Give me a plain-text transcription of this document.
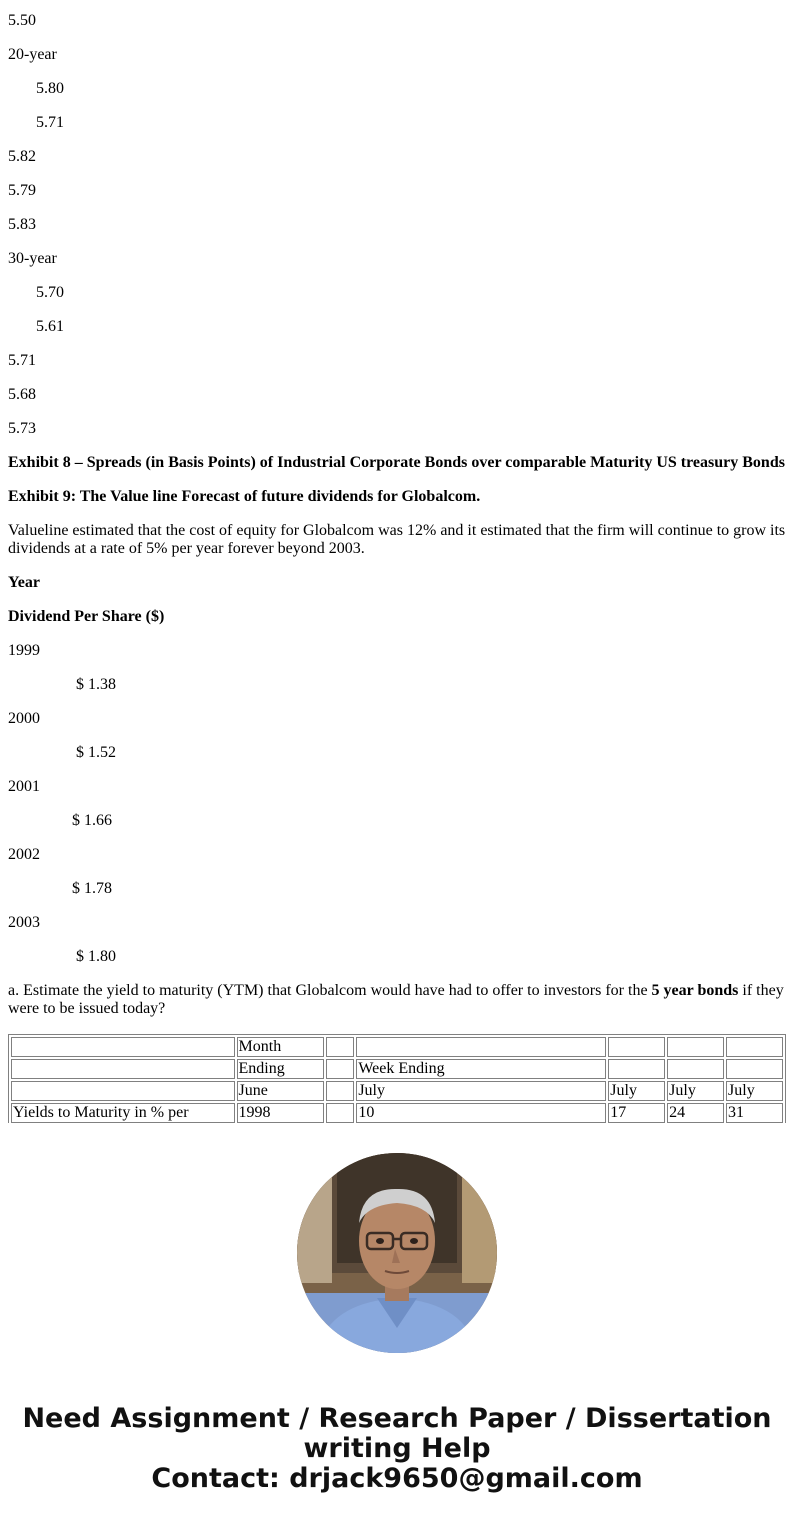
5.50

20-year

5.80

5.71

5.82

5.79

5.83

30-year

5.70

5.61

5.71

5.68

5.73

Exhibit 8 – Spreads (in Basis Points) of Industrial Corporate Bonds over comparable Maturity US treasury Bonds

Exhibit 9: The Value line Forecast of future dividends for Globalcom.

Valueline estimated that the cost of equity for Globalcom was 12% and it estimated that the firm will continue to grow its dividends at a rate of 5% per year forever beyond 2003.

Year

Dividend Per Share ($)

1999

$ 1.38

2000

$ 1.52

2001

$ 1.66

2002

$ 1.78

2003

$ 1.80

a. Estimate the yield to maturity (YTM) that Globalcom would have had to offer to investors for the 5 year bonds if they were to be issued today?

	Month					
	Ending		Week Ending			
	June		July	July	July	July
Yields to Maturity in % per	1998		10	17	24	31
Need Assignment / Research Paper / Dissertation
writing Help
Contact: drjack9650@gmail.com
